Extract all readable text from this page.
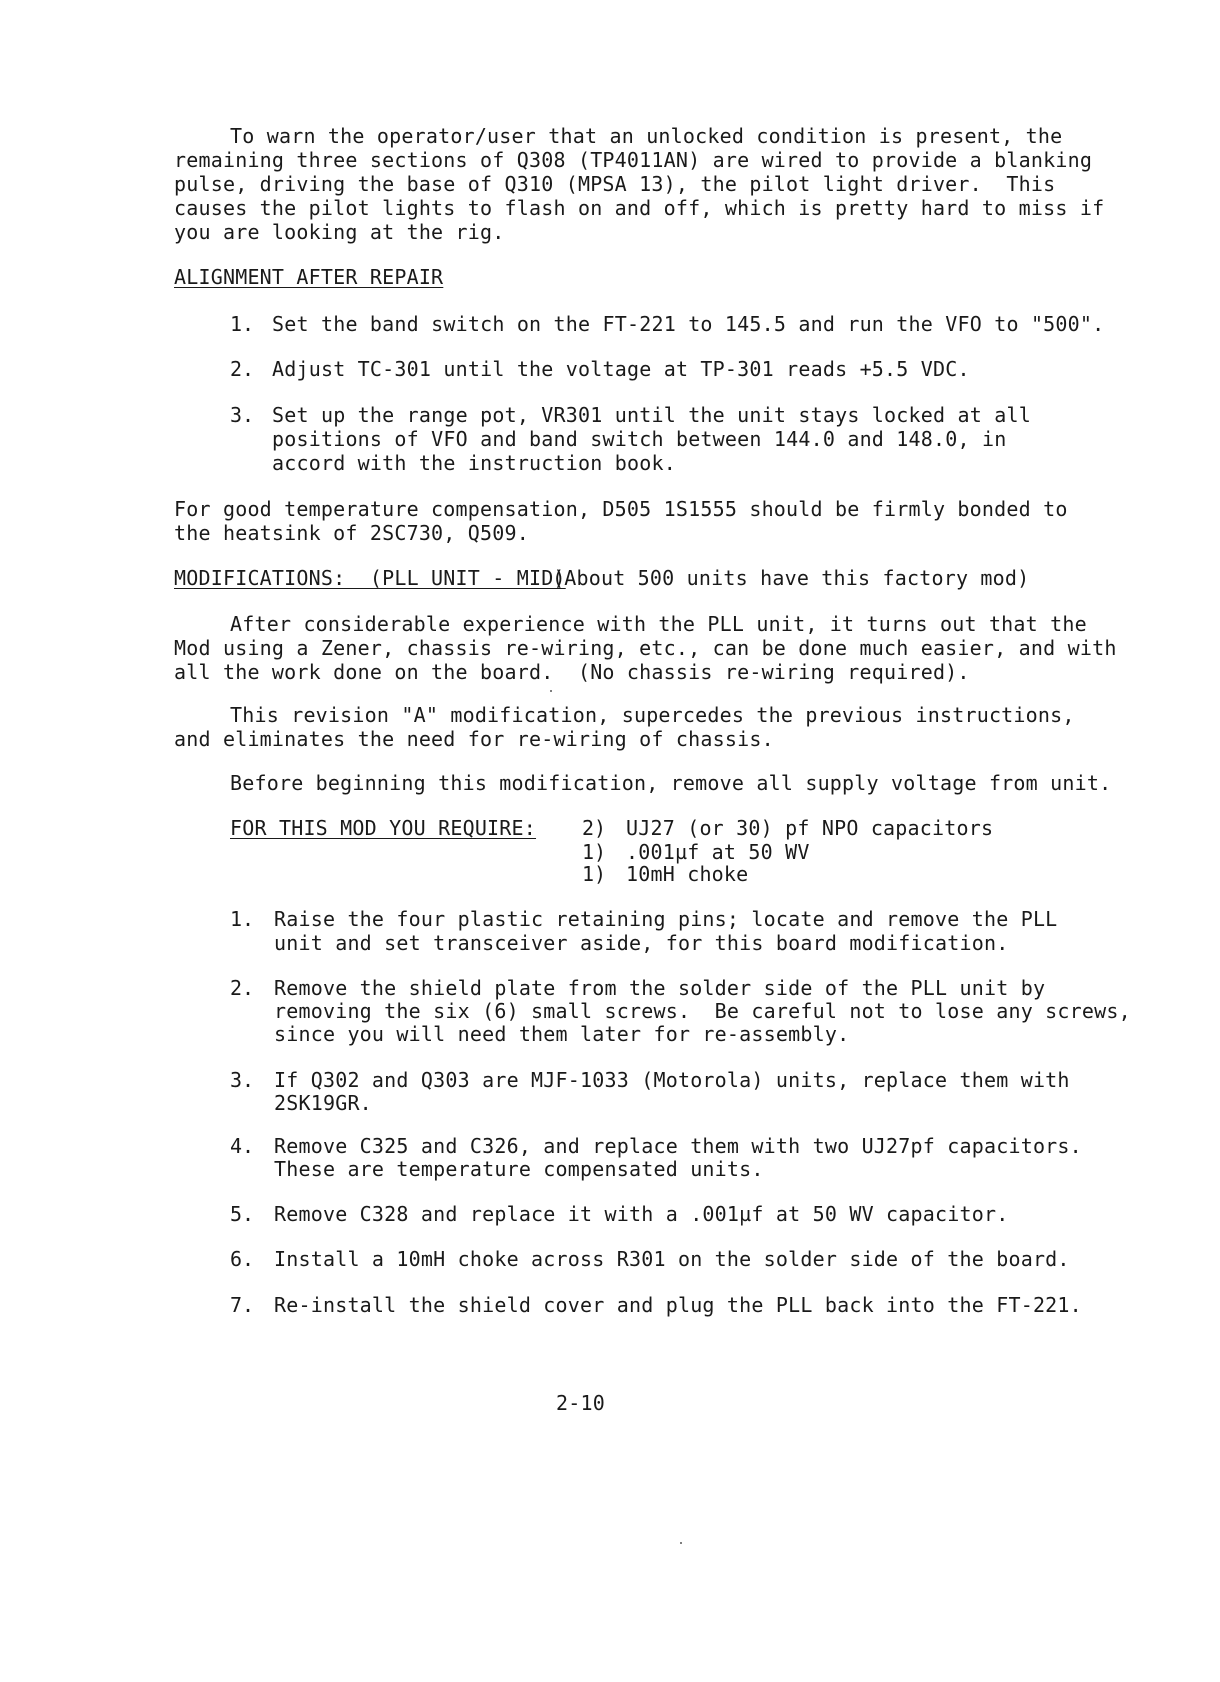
To warn the operator/user that an unlocked condition is present, the
remaining three sections of Q308 (TP4011AN) are wired to provide a blanking
pulse, driving the base of Q310 (MPSA 13), the pilot light driver.  This
causes the pilot lights to flash on and off, which is pretty hard to miss if
you are looking at the rig.
ALIGNMENT AFTER REPAIR
1. Set the band switch on the FT-221 to 145.5 and run the VFO to "500".
2. Adjust TC-301 until the voltage at TP-301 reads +5.5 VDC.
3. Set up the range pot, VR301 until the unit stays locked at all
positions of VFO and band switch between 144.0 and 148.0, in
accord with the instruction book.
For good temperature compensation, D505 1S1555 should be firmly bonded to
the heatsink of 2SC730, Q509.
MODIFICATIONS:  (PLL UNIT - MID)
(About 500 units have this factory mod)
After considerable experience with the PLL unit, it turns out that the
Mod using a Zener, chassis re-wiring, etc., can be done much easier, and with
all the work done on the board.  (No chassis re-wiring required).
This revision "A" modification, supercedes the previous instructions,
and eliminates the need for re-wiring of chassis.
Before beginning this modification, remove all supply voltage from unit.
FOR THIS MOD YOU REQUIRE: 2) UJ27 (or 30) pf NPO capacitors
1) .001µf at 50 WV
1) 10mH choke
1. Raise the four plastic retaining pins; locate and remove the PLL
unit and set transceiver aside, for this board modification.
2. Remove the shield plate from the solder side of the PLL unit by
removing the six (6) small screws.  Be careful not to lose any screws,
since you will need them later for re-assembly.
3. If Q302 and Q303 are MJF-1033 (Motorola) units, replace them with
2SK19GR.
4. Remove C325 and C326, and replace them with two UJ27pf capacitors.
These are temperature compensated units.
5. Remove C328 and replace it with a .001µf at 50 WV capacitor.
6. Install a 10mH choke across R301 on the solder side of the board.
7. Re-install the shield cover and plug the PLL back into the FT-221.
2-10
